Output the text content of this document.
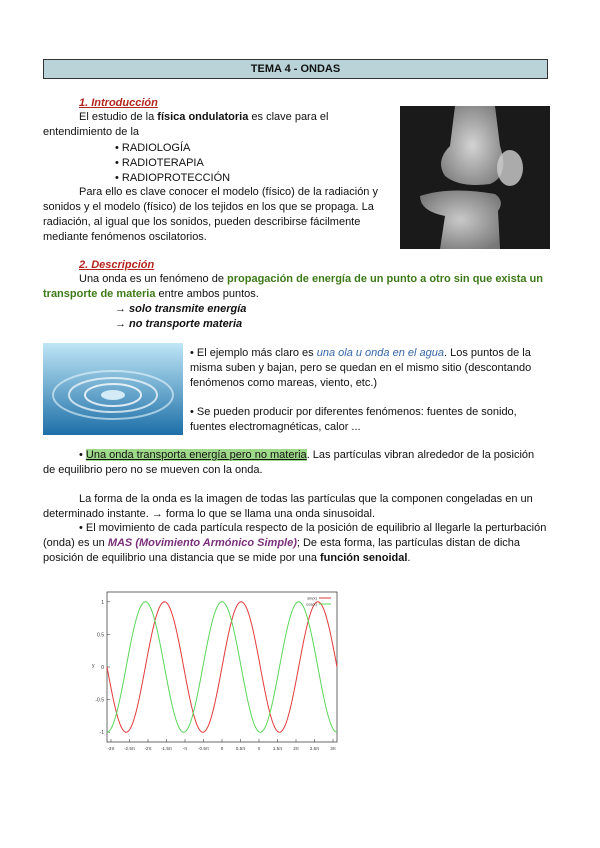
TEMA 4 - ONDAS
1. Introducción

El estudio de la física ondulatoria es clave para el

entendimiento de la

• RADIOLOGÍA

• RADIOTERAPIA

• RADIOPROTECCIÓN

Para ello es clave conocer el modelo (físico) de la radiación y

sonidos y el modelo (físico) de los tejidos en los que se propaga. La

radiación, al igual que los sonidos, pueden describirse fácilmente

mediante fenómenos oscilatorios.

2. Descripción

Una onda es un fenómeno de propagación de energía de un punto a otro sin que exista un

transporte de materia entre ambos puntos.

→ solo transmite energía

→ no transporte materia

• El ejemplo más claro es una ola u onda en el agua. Los puntos de la

misma suben y bajan, pero se quedan en el mismo sitio (descontando

fenómenos como mareas, viento, etc.)

• Se pueden producir por diferentes fenómenos: fuentes de sonido,

fuentes electromagnéticas, calor ...

• Una onda transporta energía pero no materia. Las partículas vibran alrededor de la posición

de equilibrio pero no se mueven con la onda.

La forma de la onda es la imagen de todas las partículas que la componen congeladas en un

determinado instante. → forma lo que se llama una onda sinusoidal.

• El movimiento de cada partícula respecto de la posición de equilibrio al llegarle la perturbación

(onda) es un MAS (Movimiento Armónico Simple); De esta forma, las partículas distan de dicha

posición de equilibrio una distancia que se mide por una función senoidal.

1
0.5
0
-0.5
-1
y
-3π -2.5π -2π -1.5π -π -0.5π	0	0.5π	π	1.5π 2π 2.5π 3π
sin(x)
cos(x)
